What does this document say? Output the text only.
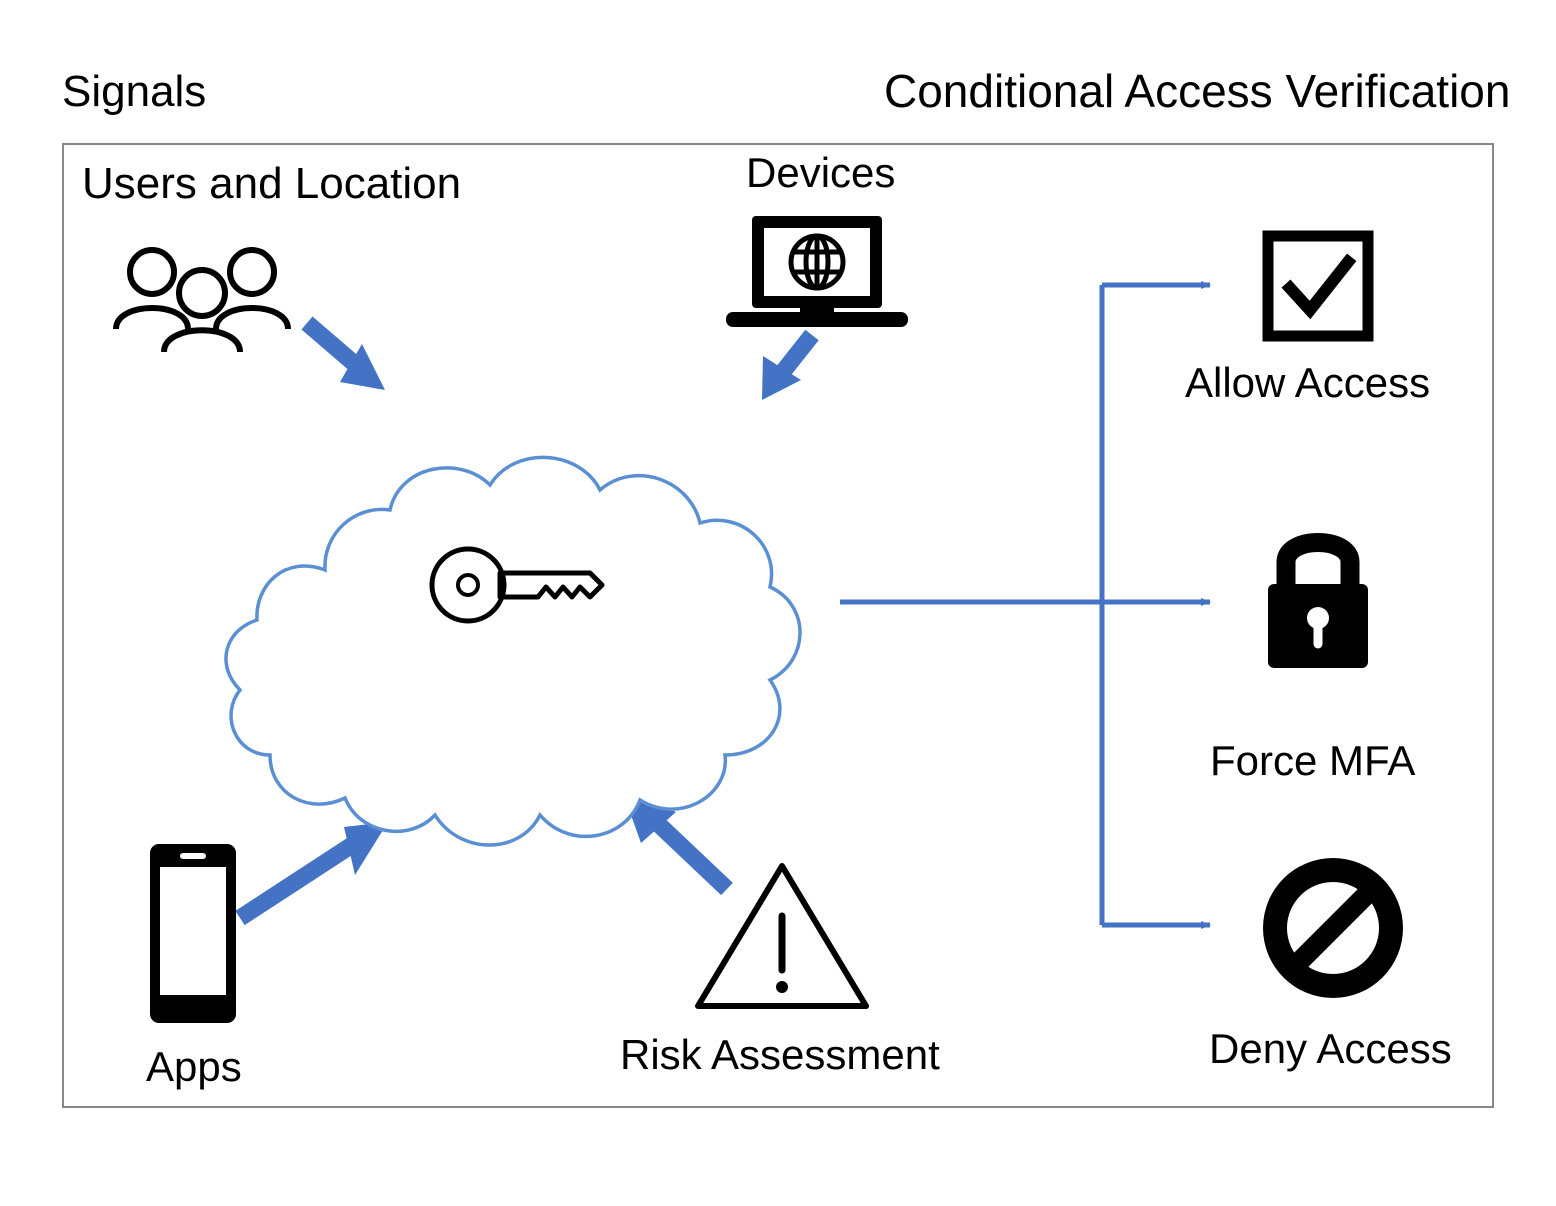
Signals	Conditional Access Verification
Users and Location	Devices
Apps	Risk Assessment
Allow Access
Force MFA
Deny Access
